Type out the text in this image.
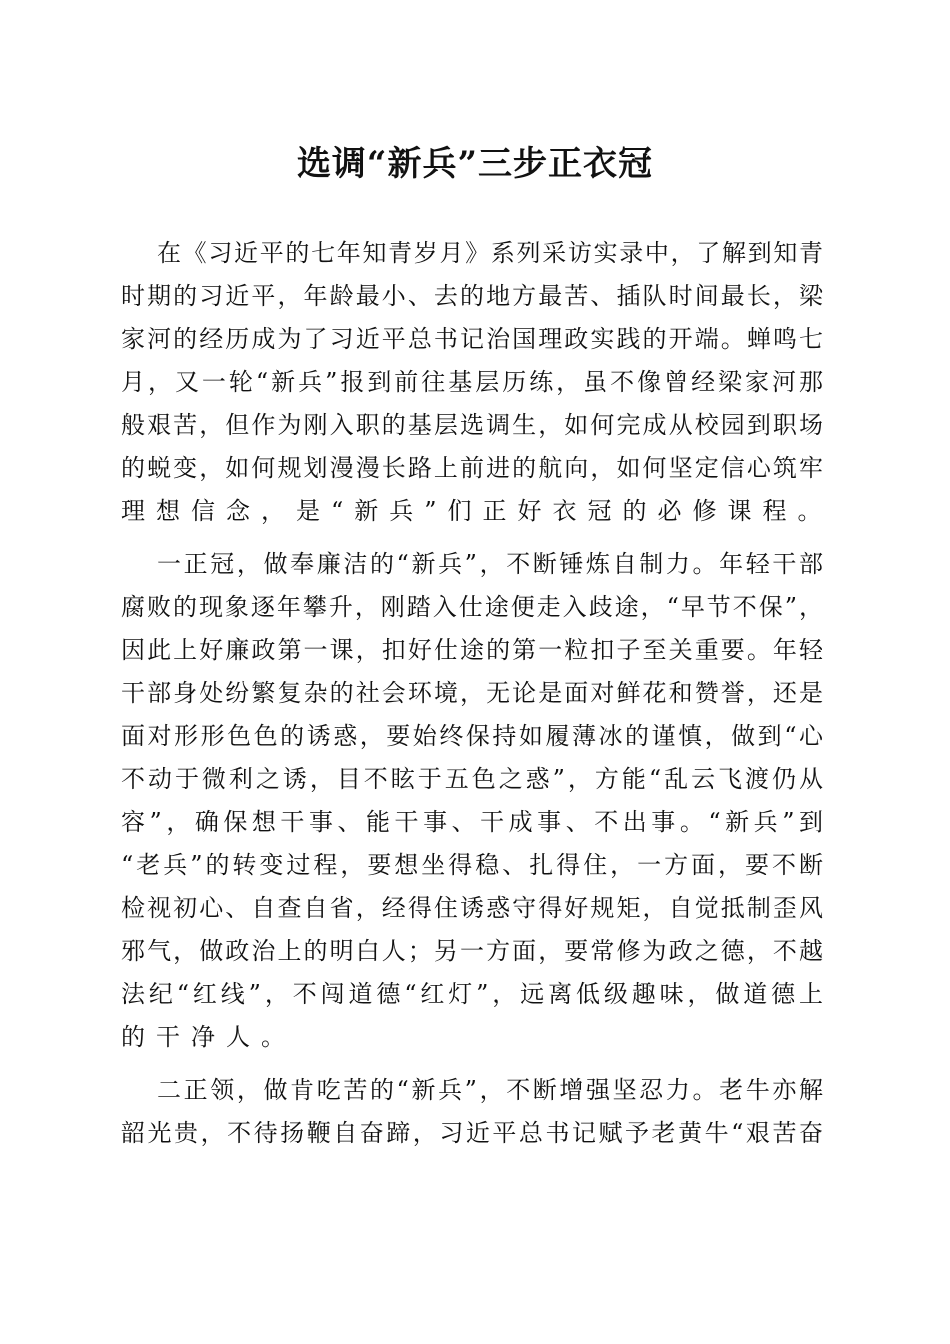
选调“新兵”三步正衣冠
在《习近平的七年知青岁月》系列采访实录中，了解到知青
时期的习近平，年龄最小、去的地方最苦、插队时间最长，梁
家河的经历成为了习近平总书记治国理政实践的开端。蝉鸣七
月，又一轮“新兵”报到前往基层历练，虽不像曾经梁家河那
般艰苦，但作为刚入职的基层选调生，如何完成从校园到职场
的蜕变，如何规划漫漫长路上前进的航向，如何坚定信心筑牢
理想信念，是“新兵”们正好衣冠的必修课程。
一正冠，做奉廉洁的“新兵”，不断锤炼自制力。年轻干部
腐败的现象逐年攀升，刚踏入仕途便走入歧途，“早节不保”，
因此上好廉政第一课，扣好仕途的第一粒扣子至关重要。年轻
干部身处纷繁复杂的社会环境，无论是面对鲜花和赞誉，还是
面对形形色色的诱惑，要始终保持如履薄冰的谨慎，做到“心
不动于微利之诱，目不眩于五色之惑”，方能“乱云飞渡仍从
容”，确保想干事、能干事、干成事、不出事。“新兵”到
“老兵”的转变过程，要想坐得稳、扎得住，一方面，要不断
检视初心、自查自省，经得住诱惑守得好规矩，自觉抵制歪风
邪气，做政治上的明白人；另一方面，要常修为政之德，不越
法纪“红线”，不闯道德“红灯”，远离低级趣味，做道德上
的干净人。
二正领，做肯吃苦的“新兵”，不断增强坚忍力。老牛亦解
韶光贵，不待扬鞭自奋蹄，习近平总书记赋予老黄牛“艰苦奋
